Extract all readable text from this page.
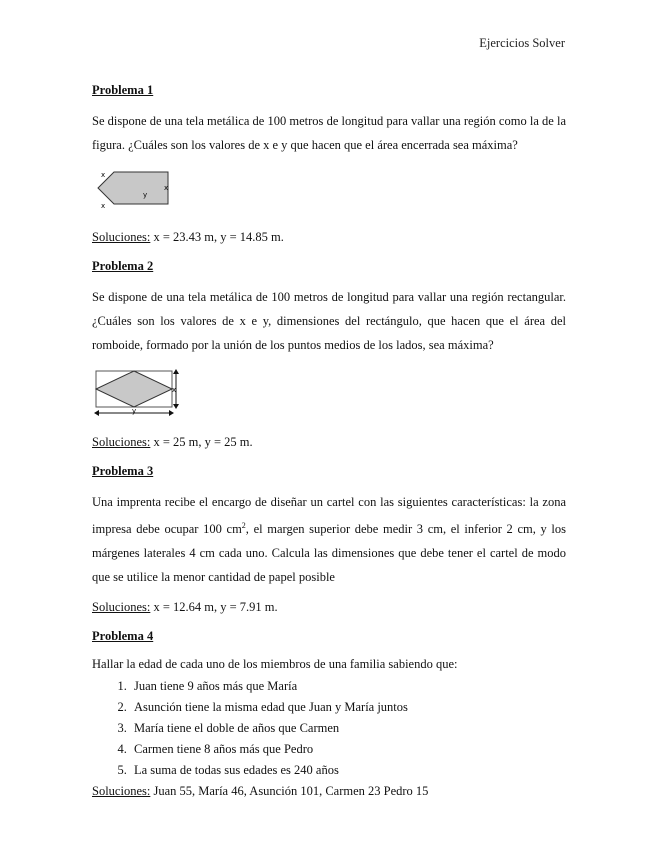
Ejercicios Solver
Problema 1

Se dispone de una tela metálica de 100 metros de longitud para vallar una región como la de la figura. ¿Cuáles son los valores de x e y que hacen que el área encerrada sea máxima?

x
y
x
x

Soluciones: x = 23.43 m, y = 14.85 m.

Problema 2

Se dispone de una tela metálica de 100 metros de longitud para vallar una región rectangular. ¿Cuáles son los valores de x e y, dimensiones del rectángulo, que hacen que el área del romboide, formado por la unión de los puntos medios de los lados, sea máxima?

x
y

Soluciones: x = 25 m, y = 25 m.

Problema 3

Una imprenta recibe el encargo de diseñar un cartel con las siguientes características: la zona impresa debe ocupar 100 $cm^2$, el margen superior debe medir 3 cm, el inferior 2 cm, y los márgenes laterales 4 cm cada uno. Calcula las dimensiones que debe tener el cartel de modo que se utilice la menor cantidad de papel posible

Soluciones: x = 12.64 m, y = 7.91 m.

Problema 4

Hallar la edad de cada uno de los miembros de una familia sabiendo que:

1. Juan tiene 9 años más que María
2. Asunción tiene la misma edad que Juan y María juntos
3. María tiene el doble de años que Carmen
4. Carmen tiene 8 años más que Pedro
5. La suma de todas sus edades es 240 años

Soluciones: Juan 55, María 46, Asunción 101, Carmen 23 Pedro 15
